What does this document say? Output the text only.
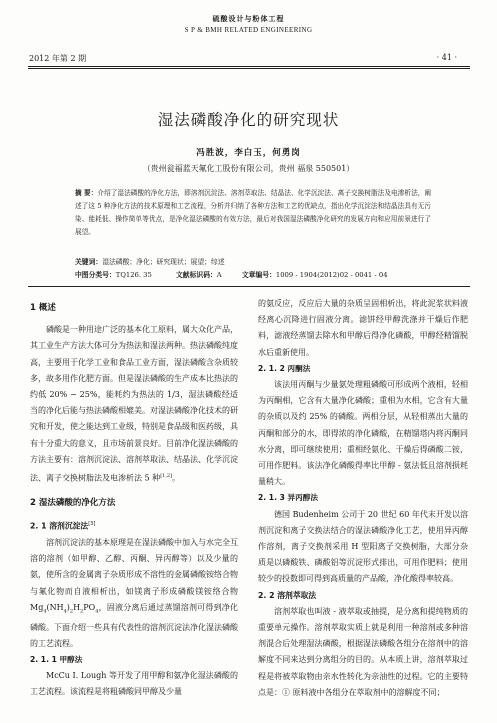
硫酸设计与粉体工程
S P & BMH RELATED ENGINEERING
2012 年第 2 期	· 41 ·
湿法磷酸净化的研究现状
冯胜波，李白玉，何勇岗
（贵州瓮福蓝天氟化工股份有限公司，贵州 福泉 550501）
摘 要：介绍了湿法磷酸的净化方法，即溶剂沉淀法、溶剂萃取法、结晶法、化学沉淀法、离子交换树脂法及电渗析法，阐述了这 5 种净化方法的技术原理和工艺流程，分析并归纳了各种方法和工艺的优缺点，指出化学沉淀法和结晶法具有无污染、能耗低、操作简单等优点，是净化湿法磷酸的有效方法，最后对我国湿法磷酸净化研究的发展方向和应用前景进行了展望。
关键词：湿法磷酸；净化；研究现状；展望；综述
中图分类号：TQ126. 35	文献标识码：A	文章编号：1009 - 1904(2012)02 - 0041 - 04
1 概述

磷酸是一种用途广泛的基本化工原料，属大众化产品，其工业生产方法大体可分为热法和湿法两种。热法磷酸纯度高，主要用于化学工业和食品工业方面，湿法磷酸含杂质较多，故多用作化肥方面。但是湿法磷酸的生产成本比热法的约低 20% ~ 25%，能耗约为热法的 1/3，湿法磷酸经适当的净化后能与热法磷酸相媲美。对湿法磷酸净化技术的研究和开发，使之能达到工业级，特别是食品级和医药级，具有十分重大的意义，且市场前景良好。目前净化湿法磷酸的方法主要有：溶剂沉淀法、溶剂萃取法、结晶法、化学沉淀法、离子交换树脂法及电渗析法 5 种[1,2]。

2 湿法磷酸的净化方法
2. 1 溶剂沉淀法[3]

溶剂沉淀法的基本原理是在湿法磷酸中加入与水完全互溶的溶剂（如甲醇、乙醇、丙酮、异丙醇等）以及少量的氨，使所含的金属离子杂质形成不溶性的金属磷酸铵络合物与氟化物而自液相析出，如镁离子形成磷酸镁铵络合物 $Mg_4(NH_4)_2H_2PO_4$，固液分离后通过蒸馏溶剂可得到净化磷酸。下面介绍一些具有代表性的溶剂沉淀法净化湿法磷酸的工艺流程。

2. 1. 1 甲醇法

McCu I. Lough 等开发了用甲醇和氨净化湿法磷酸的工艺流程。该流程是将粗磷酸同甲醇及少量

的氨反应，反应后大量的杂质呈固相析出，将此泥浆状料液经离心沉降进行固液分离。滤饼经甲醇洗涤并干燥后作肥料，滤液经蒸馏去除水和甲醇后得净化磷酸，甲醇经精馏脱水后重新使用。

2. 1. 2 丙酮法

该法用丙酮与少量氨处理粗磷酸可形成两个液相，轻相为丙酮相，它含有大量净化磷酸；重相为水相，它含有大量的杂质以及约 25% 的磷酸。两相分层，从轻相蒸出大量的丙酮和部分的水，即得浓的净化磷酸，在精馏塔内将丙酮同水分离，即可继续使用；重相经氨化、干燥后得磷酸二铵，可用作肥料。该法净化磷酸得率比甲醇 - 氨法低且溶剂损耗量稍大。

2. 1. 3 异丙醇法

德国 Budenheim 公司于 20 世纪 60 年代末开发以溶剂沉淀和离子交换法结合的湿法磷酸净化工艺，使用异丙醇作溶剂，离子交换剂采用 H 型阳离子交换树脂，大部分杂质是以磷酸铁、磷酸铝等沉淀形式排出，可用作肥料；使用较少的投数即可得到高质量的产品酸，净化酸得率较高。

2. 2 溶剂萃取法

溶剂萃取也叫液 - 液萃取或抽提，是分离和提纯物质的重要单元操作。溶剂萃取实质上就是利用一种溶剂或多种溶剂混合后处理湿法磷酸，根据湿法磷酸各组分在溶剂中的溶解度不同来达到分离组分的目的。从本质上讲，溶剂萃取过程是将被萃取物由亲水性转化为亲油性的过程。它的主要特点是：① 原料液中各组分在萃取剂中的溶解度不同；
